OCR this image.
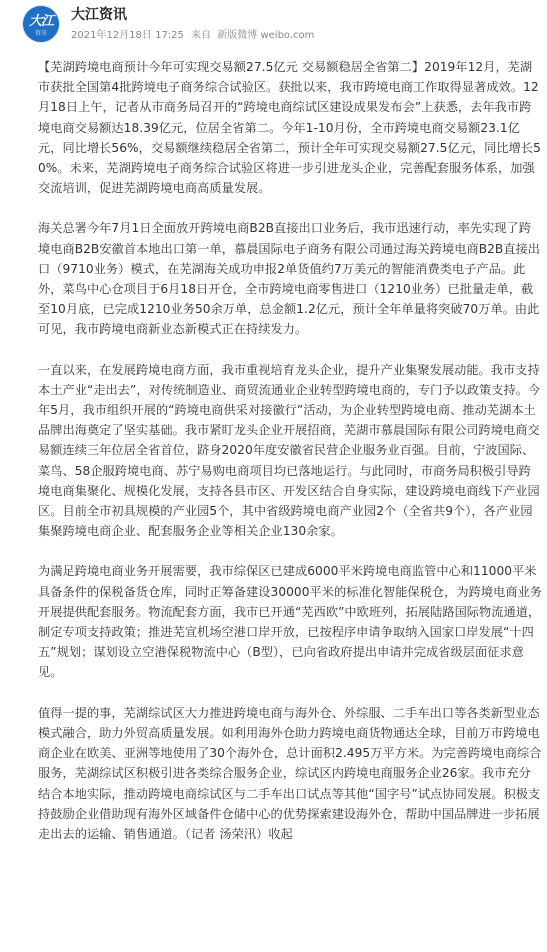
大江
资讯
大江资讯
2021年12月18日 17:25 来自 新版微博 weibo.com

【芜湖跨境电商预计今年可实现交易额27.5亿元 交易额稳居全省第二】2019年12月，芜湖市获批全国第4批跨境电子商务综合试验区。获批以来，我市跨境电商工作取得显著成效。12月18日上午，记者从市商务局召开的“跨境电商综试区建设成果发布会”上获悉，去年我市跨境电商交易额达18.39亿元，位居全省第二。今年1-10月份，全市跨境电商交易额23.1亿元，同比增长56%，交易额继续稳居全省第二，预计全年可实现交易额27.5亿元，同比增长50%。未来，芜湖跨境电子商务综合试验区将进一步引进龙头企业，完善配套服务体系，加强交流培训，促进芜湖跨境电商高质量发展。

海关总署今年7月1日全面放开跨境电商B2B直接出口业务后，我市迅速行动，率先实现了跨境电商B2B安徽首本地出口第一单，慕晨国际电子商务有限公司通过海关跨境电商B2B直接出口（9710业务）模式，在芜湖海关成功申报2单货值约7万美元的智能消费类电子产品。此外，菜鸟中心仓项目于6月18日开仓，全市跨境电商零售进口（1210业务）已批量走单，截至10月底，已完成1210业务50余万单，总金额1.2亿元，预计全年单量将突破70万单。由此可见，我市跨境电商新业态新模式正在持续发力。

一直以来，在发展跨境电商方面，我市重视培育龙头企业，提升产业集聚发展动能。我市支持本土产业“走出去”，对传统制造业、商贸流通业企业转型跨境电商的，专门予以政策支持。今年5月，我市组织开展的“跨境电商供采对接徽行”活动，为企业转型跨境电商、推动芜湖本土品牌出海奠定了坚实基础。我市紧盯龙头企业开展招商，芜湖市慕晨国际有限公司跨境电商交易额连续三年位居全省首位，跻身2020年度安徽省民营企业服务业百强。目前，宁波国际、菜鸟、58企服跨境电商、苏宁易购电商项目均已落地运行。与此同时，市商务局积极引导跨境电商集聚化、规模化发展，支持各县市区、开发区结合自身实际，建设跨境电商线下产业园区。目前全市初具规模的产业园5个，其中省级跨境电商产业园2个（全省共9个），各产业园集聚跨境电商企业、配套服务企业等相关企业130余家。

为满足跨境电商业务开展需要，我市综保区已建成6000平米跨境电商监管中心和11000平米具备条件的保税备货仓库，同时正筹备建设30000平米的标准化智能保税仓，为跨境电商业务开展提供配套服务。物流配套方面，我市已开通“芜西欧”中欧班列，拓展陆路国际物流通道，制定专项支持政策；推进芜宣机场空港口岸开放，已按程序申请争取纳入国家口岸发展“十四五”规划；谋划设立空港保税物流中心（B型），已向省政府提出申请并完成省级层面征求意见。

值得一提的事，芜湖综试区大力推进跨境电商与海外仓、外综服、二手车出口等各类新型业态模式融合，助力外贸高质量发展。如利用海外仓助力跨境电商货物通达全球，目前万市跨境电商企业在欧美、亚洲等地使用了30个海外仓，总计面积2.495万平方米。为完善跨境电商综合服务，芜湖综试区积极引进各类综合服务企业，综试区内跨境电商服务企业26家。我市充分结合本地实际，推动跨境电商综试区与二手车出口试点等其他“国字号”试点协同发展。积极支持鼓励企业借助现有海外区域备件仓储中心的优势探索建设海外仓，帮助中国品牌进一步拓展走出去的运输、销售通道。（记者 汤荣汛）收起
